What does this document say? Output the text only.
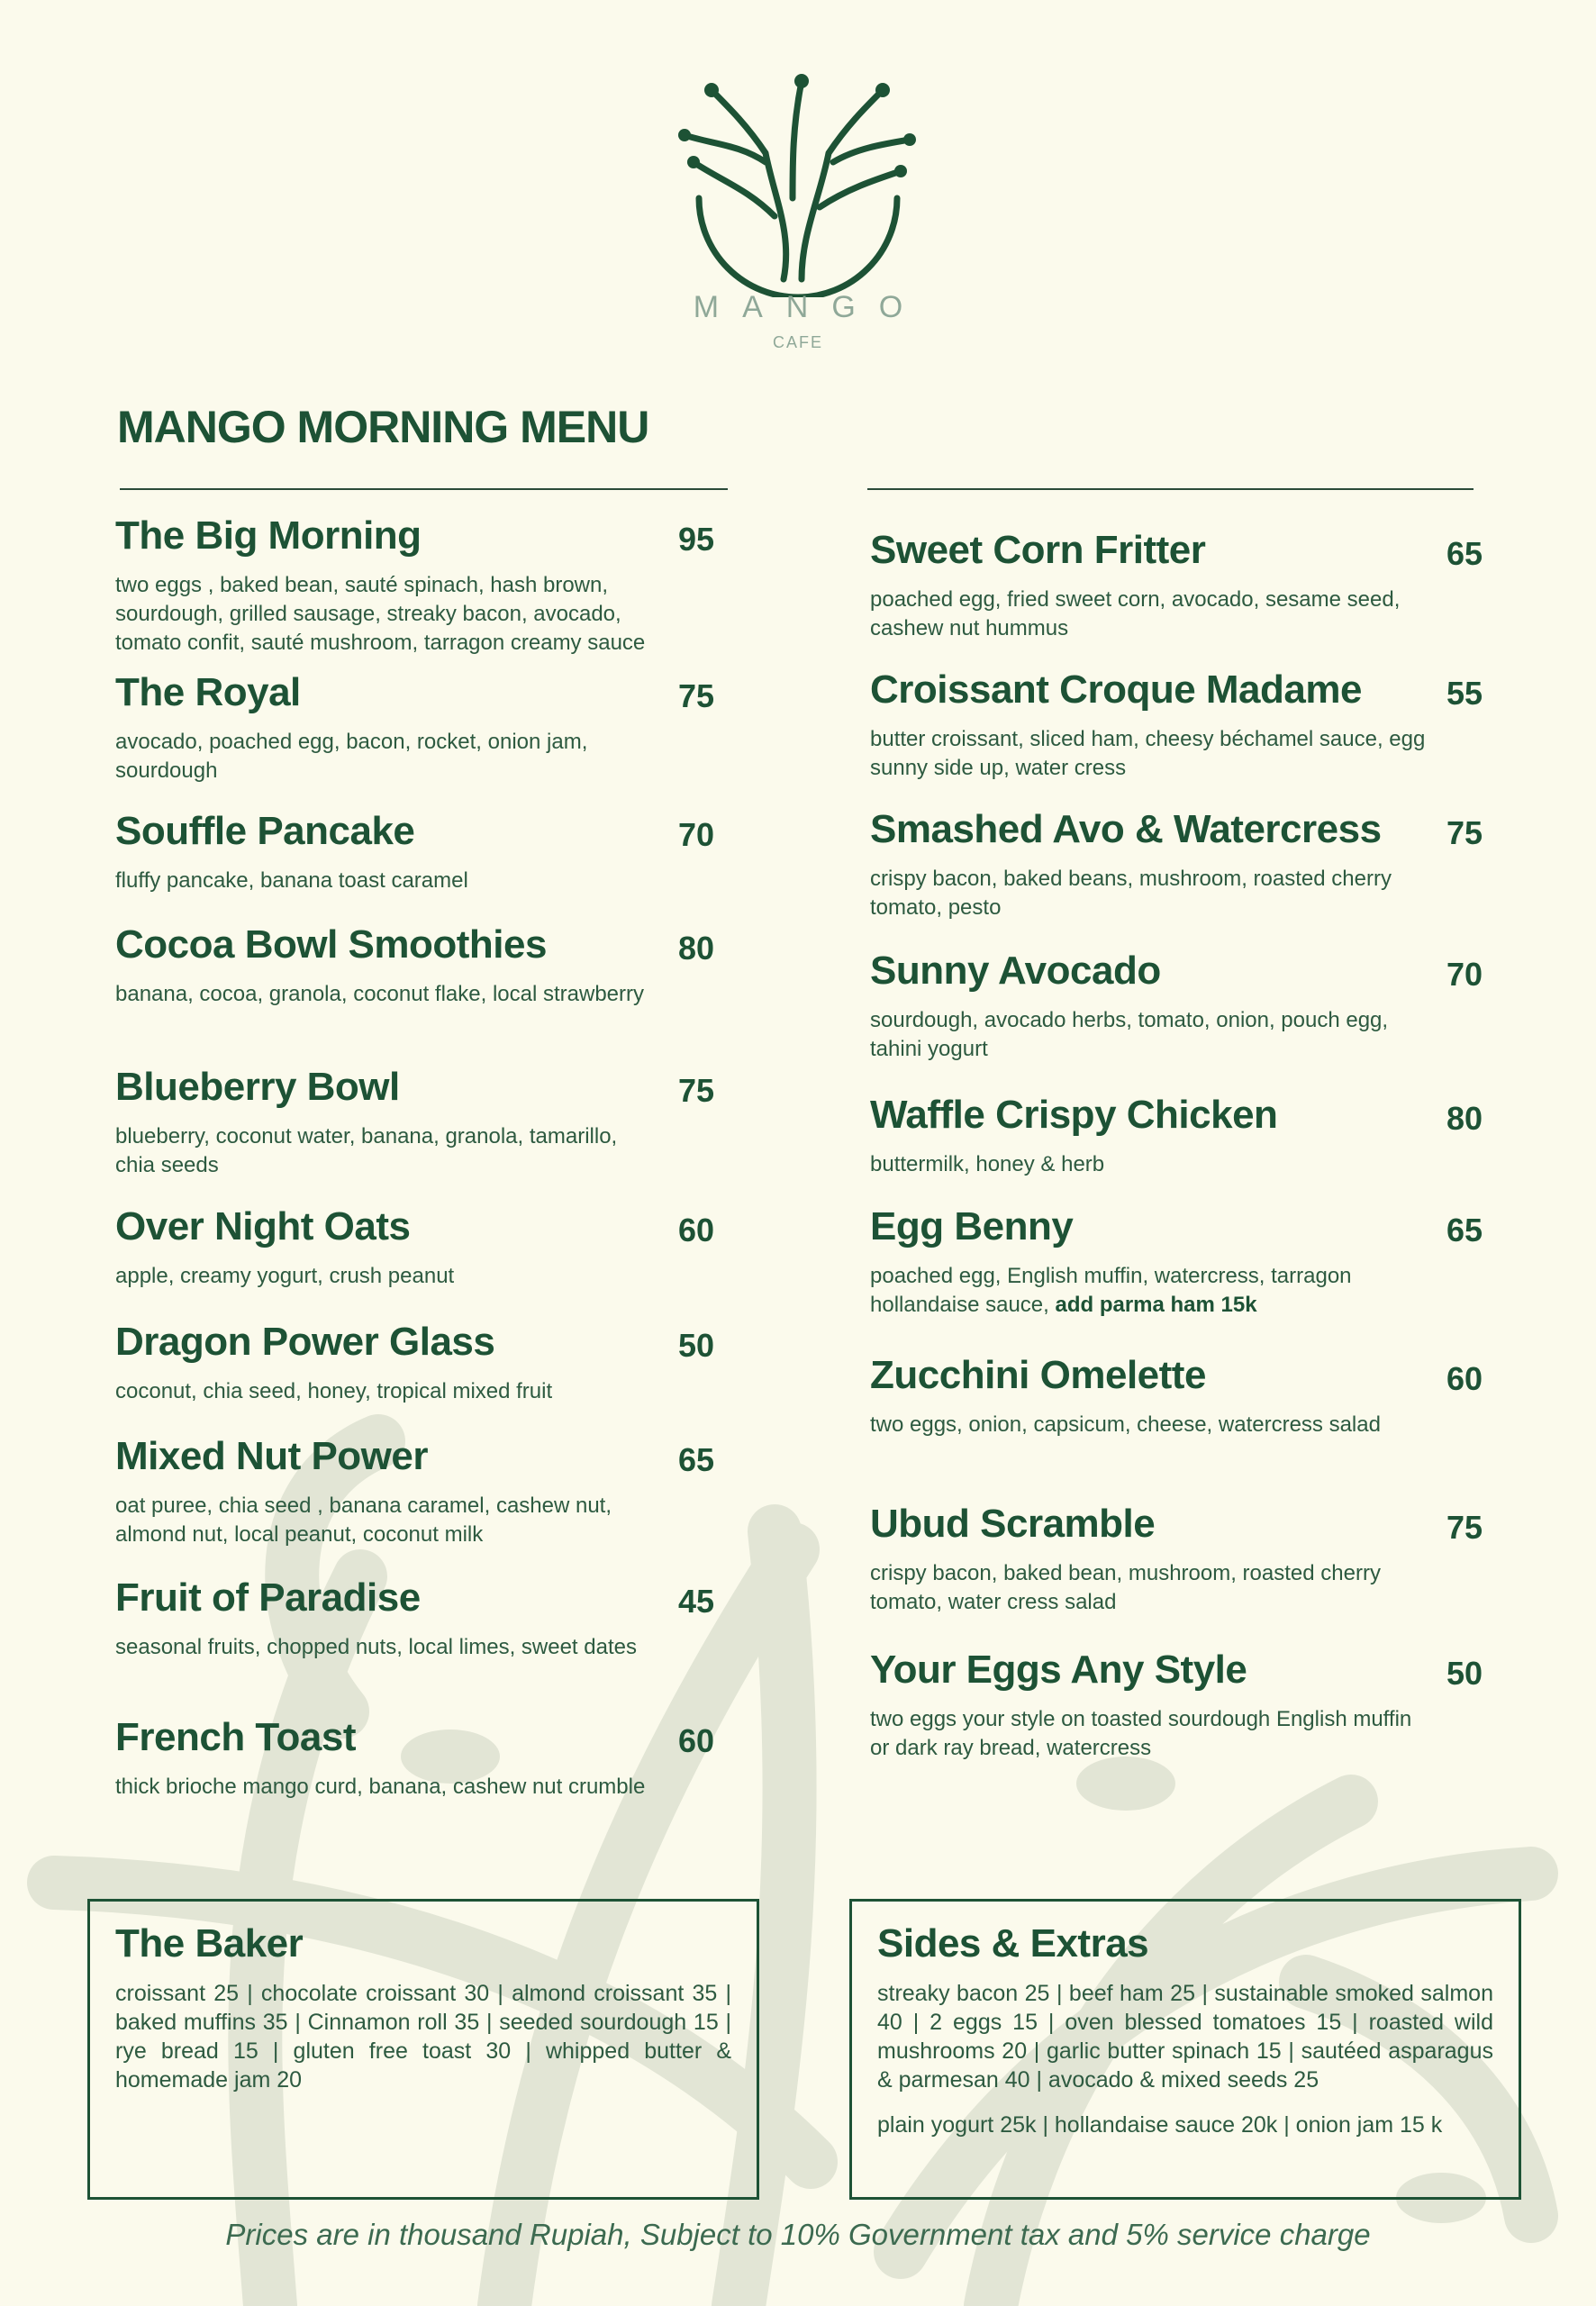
MANGO
CAFE
MANGO MORNING MENU
The Big Morning	95
two eggs , baked bean, sauté spinach, hash brown, sourdough, grilled sausage, streaky bacon, avocado, tomato confit, sauté mushroom, tarragon creamy sauce
The Royal	75
avocado, poached egg, bacon, rocket, onion jam, sourdough
Souffle Pancake	70
fluffy pancake, banana toast caramel
Cocoa Bowl Smoothies	80
banana, cocoa, granola, coconut flake, local strawberry
Blueberry Bowl	75
blueberry, coconut water, banana, granola, tamarillo, chia seeds
Over Night Oats	60
apple, creamy yogurt, crush peanut
Dragon Power Glass	50
coconut, chia seed, honey, tropical mixed fruit
Mixed Nut Power	65
oat puree, chia seed , banana caramel, cashew nut, almond nut, local peanut, coconut milk
Fruit of Paradise	45
seasonal fruits, chopped nuts, local limes, sweet dates
French Toast	60
thick brioche mango curd, banana, cashew nut crumble
Sweet Corn Fritter	65
poached egg, fried sweet corn, avocado, sesame seed, cashew nut hummus
Croissant Croque Madame	55
butter croissant, sliced ham, cheesy béchamel sauce, egg sunny side up, water cress
Smashed Avo & Watercress	75
crispy bacon, baked beans, mushroom, roasted cherry tomato, pesto
Sunny Avocado	70
sourdough, avocado herbs, tomato, onion, pouch egg, tahini yogurt
Waffle Crispy Chicken	80
buttermilk, honey & herb
Egg Benny	65
poached egg, English muffin, watercress, tarragon hollandaise sauce, add parma ham 15k
Zucchini Omelette	60
two eggs, onion, capsicum, cheese, watercress salad
Ubud Scramble	75
crispy bacon, baked bean, mushroom, roasted cherry tomato, water cress salad
Your Eggs Any Style	50
two eggs your style on toasted sourdough English muffin or dark ray bread, watercress
The Baker

croissant 25 | chocolate croissant 30 | almond croissant 35 | baked muffins 35 | Cinnamon roll 35 | seeded sourdough 15 | rye bread 15 | gluten free toast 30 | whipped butter & homemade jam 20

Sides & Extras

streaky bacon 25 | beef ham 25 | sustainable smoked salmon 40 | 2 eggs 15 | oven blessed tomatoes 15 | roasted wild mushrooms 20 | garlic butter spinach 15 | sautéed asparagus & parmesan 40 | avocado & mixed seeds 25

plain yogurt 25k | hollandaise sauce 20k | onion jam 15 k

Prices are in thousand Rupiah, Subject to 10% Government tax and 5% service charge
